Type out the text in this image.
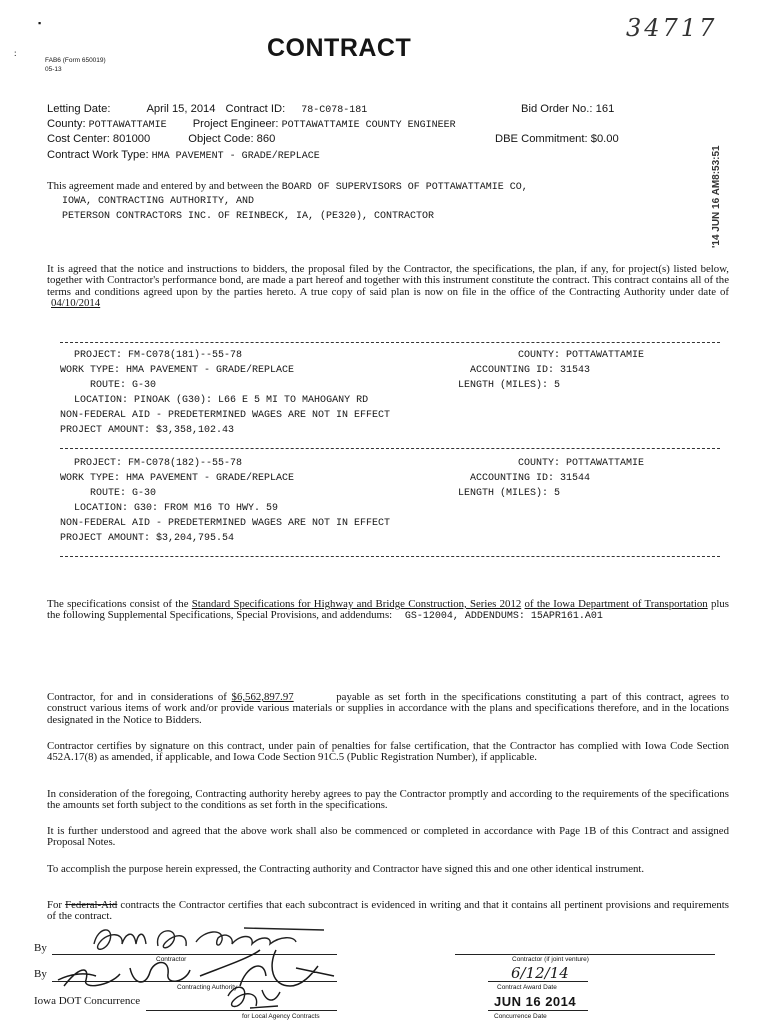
▪
:
FAB6 (Form 650019)
05-13
CONTRACT
34717
'14 JUN 16 AM8:53:51
Letting Date:	April 15, 2014 Contract ID: 78-C078-181	Bid Order No.: 161
County: POTTAWATTAMIE Project Engineer: POTTAWATTAMIE COUNTY ENGINEER
Cost Center: 801000	Object Code: 860	DBE Commitment: $0.00
Contract Work Type: HMA PAVEMENT - GRADE/REPLACE
This agreement made and entered by and between the BOARD OF SUPERVISORS OF POTTAWATTAMIE CO,
IOWA, CONTRACTING AUTHORITY, AND
PETERSON CONTRACTORS INC. OF REINBECK, IA, (PE320), CONTRACTOR
It is agreed that the notice and instructions to bidders, the proposal filed by the Contractor, the specifications, the plan, if any, for project(s) listed below, together with Contractor's performance bond, are made a part hereof and together with this instrument constitute the contract. This contract contains all of the terms and conditions agreed upon by the parties hereto. A true copy of said plan is now on file in the office of the Contracting Authority under date of 04/10/2014
PROJECT: FM-C078(181)--55-78	COUNTY: POTTAWATTAMIE
WORK TYPE: HMA PAVEMENT - GRADE/REPLACE	ACCOUNTING ID: 31543
ROUTE: G-30	LENGTH (MILES): 5
LOCATION: PINOAK (G30): L66 E 5 MI TO MAHOGANY RD
NON-FEDERAL AID - PREDETERMINED WAGES ARE NOT IN EFFECT
PROJECT AMOUNT: $3,358,102.43
PROJECT: FM-C078(182)--55-78	COUNTY: POTTAWATTAMIE
WORK TYPE: HMA PAVEMENT - GRADE/REPLACE	ACCOUNTING ID: 31544
ROUTE: G-30	LENGTH (MILES): 5
LOCATION: G30: FROM M16 TO HWY. 59
NON-FEDERAL AID - PREDETERMINED WAGES ARE NOT IN EFFECT
PROJECT AMOUNT: $3,204,795.54
The specifications consist of the Standard Specifications for Highway and Bridge Construction, Series 2012 of the Iowa Department of Transportation plus the following Supplemental Specifications, Special Provisions, and addendums: GS-12004, ADDENDUMS: 15APR161.A01
Contractor, for and in considerations of $6,562,897.97	payable as set forth in the specifications constituting a part of this contract, agrees to construct various items of work and/or provide various materials or supplies in accordance with the plans and specifications therefore, and in the locations designated in the Notice to Bidders.
Contractor certifies by signature on this contract, under pain of penalties for false certification, that the Contractor has complied with Iowa Code Section 452A.17(8) as amended, if applicable, and Iowa Code Section 91C.5 (Public Registration Number), if applicable.
In consideration of the foregoing, Contracting authority hereby agrees to pay the Contractor promptly and according to the requirements of the specifications the amounts set forth subject to the conditions as set forth in the specifications.
It is further understood and agreed that the above work shall also be commenced or completed in accordance with Page 1B of this Contract and assigned Proposal Notes.
To accomplish the purpose herein expressed, the Contracting authority and Contractor have signed this and one other identical instrument.
For Federal-Aid contracts the Contractor certifies that each subcontract is evidenced in writing and that it contains all pertinent provisions and requirements of the contract.
By
Contractor	Contractor (if joint venture)
By
Contracting Authority
6/12/14
Contract Award Date
Iowa DOT Concurrence
for Local Agency Contracts
JUN 16 2014
Concurrence Date
